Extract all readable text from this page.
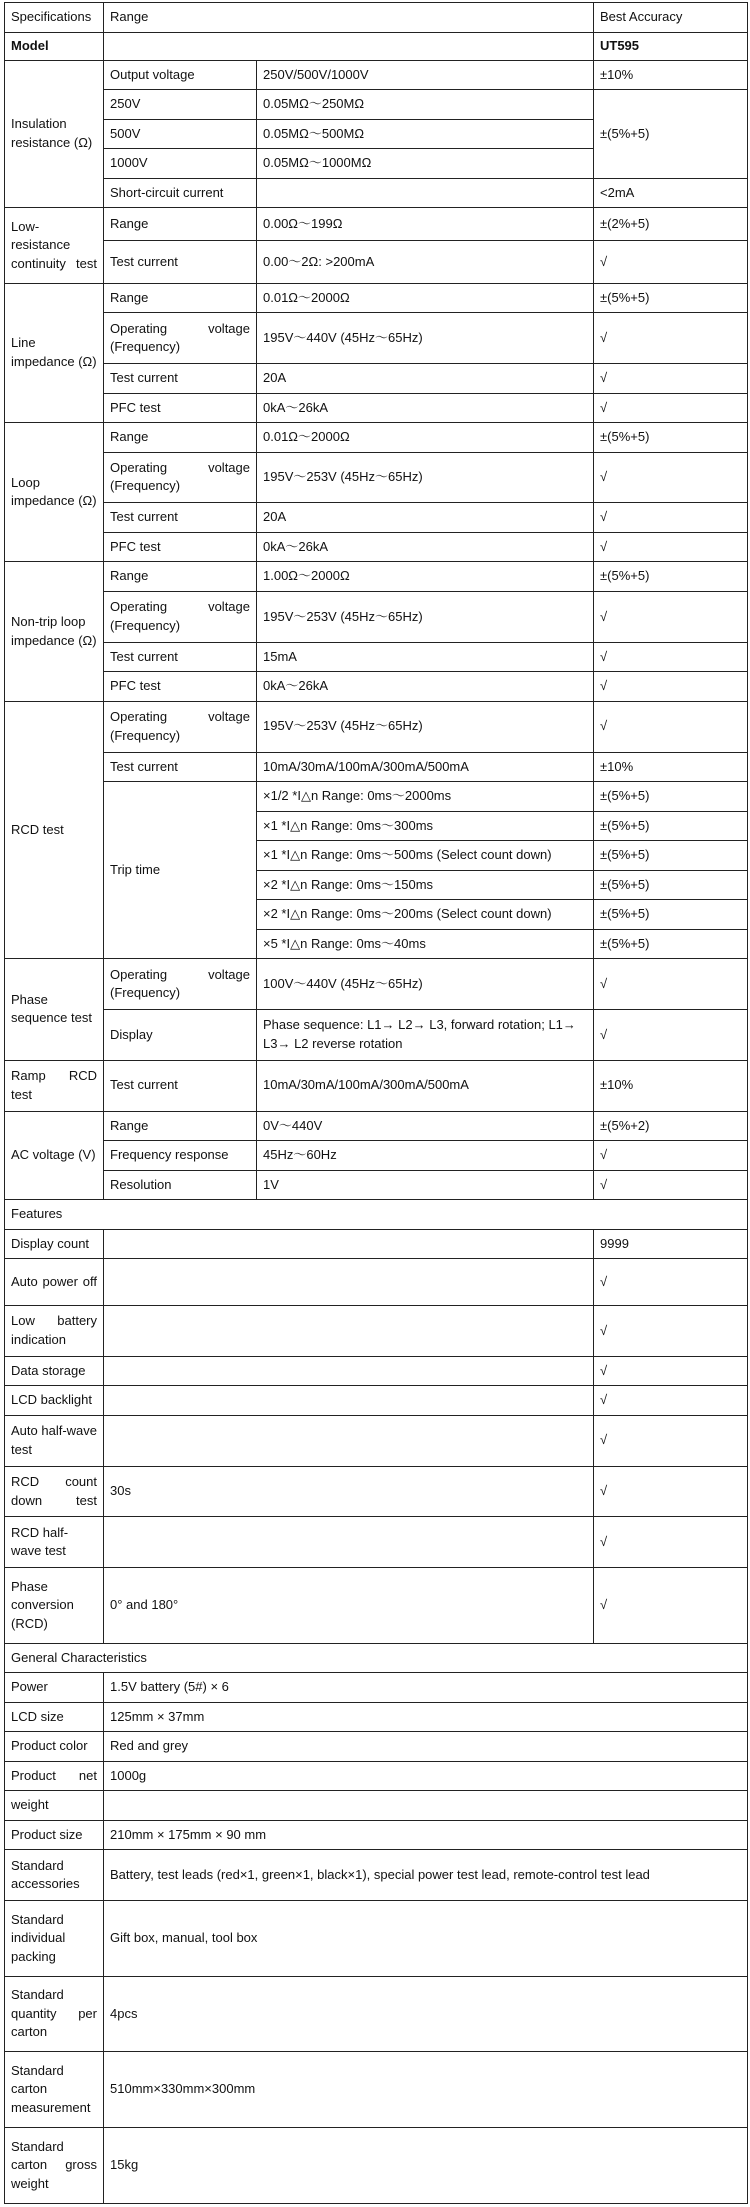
Specifications	Range		Best Accuracy
Model			UT595
Insulation resistance (Ω)	Output voltage	250V/500V/1000V	±10%
	250V	0.05MΩ～250MΩ	±(5%+5)
	500V	0.05MΩ～500MΩ	
	1000V	0.05MΩ～1000MΩ	
	Short-circuit current		<2mA
Low-resistance continuity test	Range	0.00Ω～199Ω	±(2%+5)
	Test current	0.00～2Ω: >200mA	√
Line impedance (Ω)	Range	0.01Ω～2000Ω	±(5%+5)
	Operating voltage (Frequency)	195V～440V (45Hz～65Hz)	√
	Test current	20A	√
	PFC test	0kA～26kA	√
Loop impedance (Ω)	Range	0.01Ω～2000Ω	±(5%+5)
	Operating voltage (Frequency)	195V～253V (45Hz～65Hz)	√
	Test current	20A	√
	PFC test	0kA～26kA	√
Non-trip loop impedance (Ω)	Range	1.00Ω～2000Ω	±(5%+5)
	Operating voltage (Frequency)	195V～253V (45Hz～65Hz)	√
	Test current	15mA	√
	PFC test	0kA～26kA	√
RCD test	Operating voltage (Frequency)	195V～253V (45Hz～65Hz)	√
	Test current	10mA/30mA/100mA/300mA/500mA	±10%
	Trip time	×1/2 *I△n Range: 0ms～2000ms	±(5%+5)
		×1 *I△n Range: 0ms～300ms	±(5%+5)
		×1 *I△n Range: 0ms～500ms (Select count down)	±(5%+5)
		×2 *I△n Range: 0ms～150ms	±(5%+5)
		×2 *I△n Range: 0ms～200ms (Select count down)	±(5%+5)
		×5 *I△n Range: 0ms～40ms	±(5%+5)
Phase sequence test	Operating voltage (Frequency)	100V～440V (45Hz～65Hz)	√
	Display	Phase sequence: L1→ L2→ L3, forward rotation; L1→ L3→ L2 reverse rotation	√
Ramp RCD test	Test current	10mA/30mA/100mA/300mA/500mA	±10%
AC voltage (V)	Range	0V～440V	±(5%+2)
	Frequency response	45Hz～60Hz	√
	Resolution	1V	√
Features			
Display count			9999
Auto power off			√
Low battery indication			√
Data storage			√
LCD backlight			√
Auto half-wave test			√
RCD count down test	30s		√
RCD half-wave test			√
Phase conversion (RCD)	0° and 180°		√
General Characteristics			
Power	1.5V battery (5#) × 6		
LCD size	125mm × 37mm		
Product color	Red and grey		
Product net	1000g		
weight			
Product size	210mm × 175mm × 90 mm		
Standard accessories	Battery, test leads (red×1, green×1, black×1), special power test lead, remote-control test lead		
Standard individual packing	Gift box, manual, tool box		
Standard quantity per carton	4pcs		
Standard carton measurement	510mm×330mm×300mm		
Standard carton gross weight	15kg		
